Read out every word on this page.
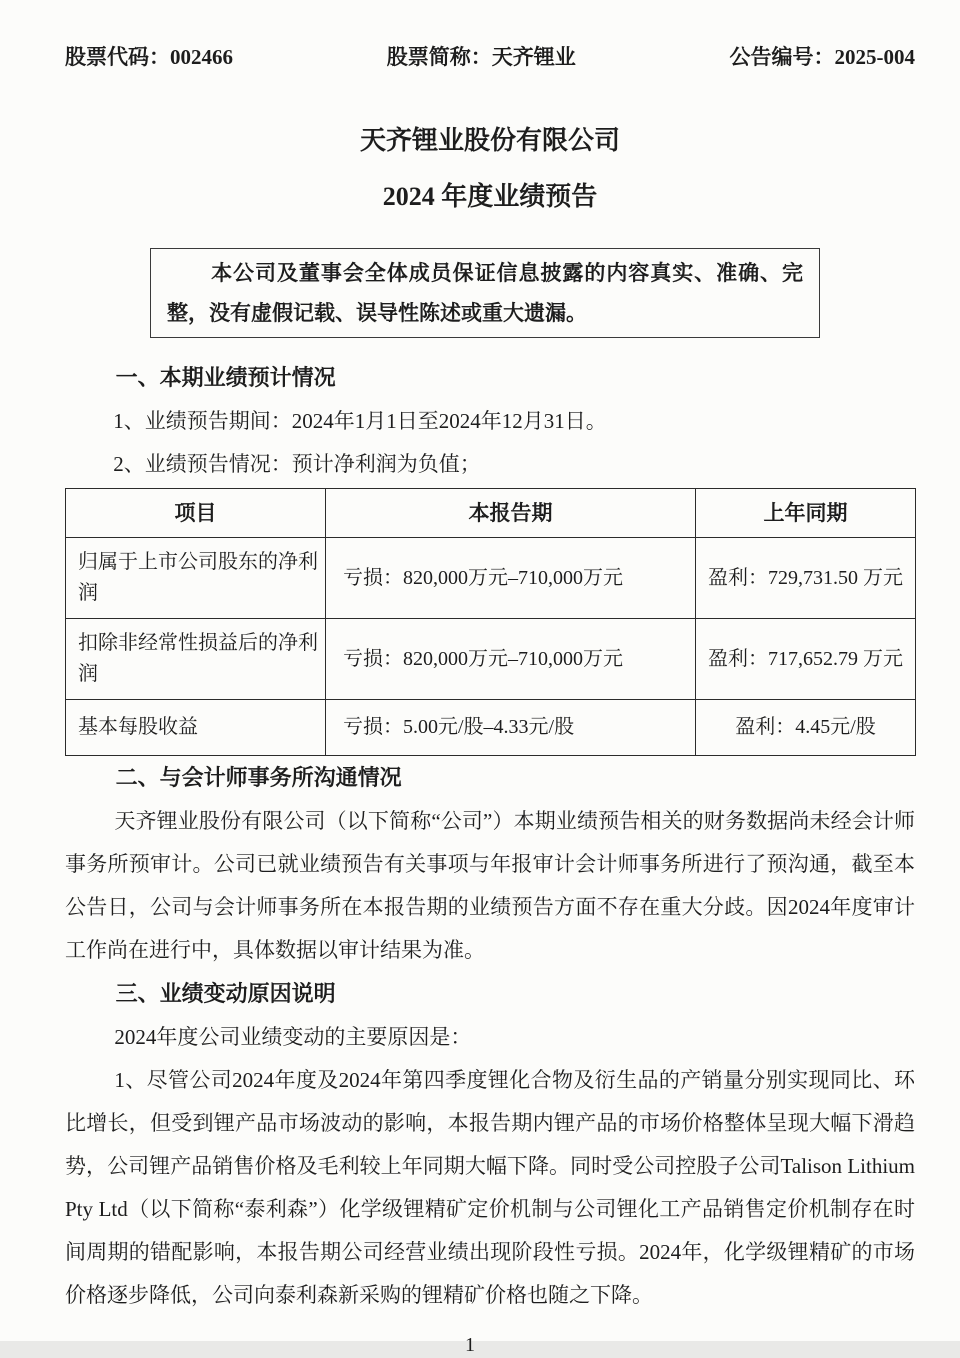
股票代码：002466	股票简称：天齐锂业	公告编号：2025-004
天齐锂业股份有限公司
2024 年度业绩预告

本公司及董事会全体成员保证信息披露的内容真实、准确、完整，没有虚假记载、误导性陈述或重大遗漏。

一、本期业绩预计情况

1、业绩预告期间：2024年1月1日至2024年12月31日。

2、业绩预告情况：预计净利润为负值；

项目	本报告期	上年同期
归属于上市公司股东的净利润	亏损：820,000万元–710,000万元	盈利：729,731.50 万元
扣除非经常性损益后的净利润	亏损：820,000万元–710,000万元	盈利：717,652.79 万元
基本每股收益	亏损：5.00元/股–4.33元/股	盈利：4.45元/股
二、与会计师事务所沟通情况

天齐锂业股份有限公司（以下简称“公司”）本期业绩预告相关的财务数据尚未经会计师事务所预审计。公司已就业绩预告有关事项与年报审计会计师事务所进行了预沟通，截至本公告日，公司与会计师事务所在本报告期的业绩预告方面不存在重大分歧。因2024年度审计工作尚在进行中，具体数据以审计结果为准。

三、业绩变动原因说明

2024年度公司业绩变动的主要原因是：

1、尽管公司2024年度及2024年第四季度锂化合物及衍生品的产销量分别实现同比、环比增长，但受到锂产品市场波动的影响，本报告期内锂产品的市场价格整体呈现大幅下滑趋势，公司锂产品销售价格及毛利较上年同期大幅下降。同时受公司控股子公司Talison Lithium Pty Ltd（以下简称“泰利森”）化学级锂精矿定价机制与公司锂化工产品销售定价机制存在时间周期的错配影响，本报告期公司经营业绩出现阶段性亏损。2024年，化学级锂精矿的市场价格逐步降低，公司向泰利森新采购的锂精矿价格也随之下降。

1
